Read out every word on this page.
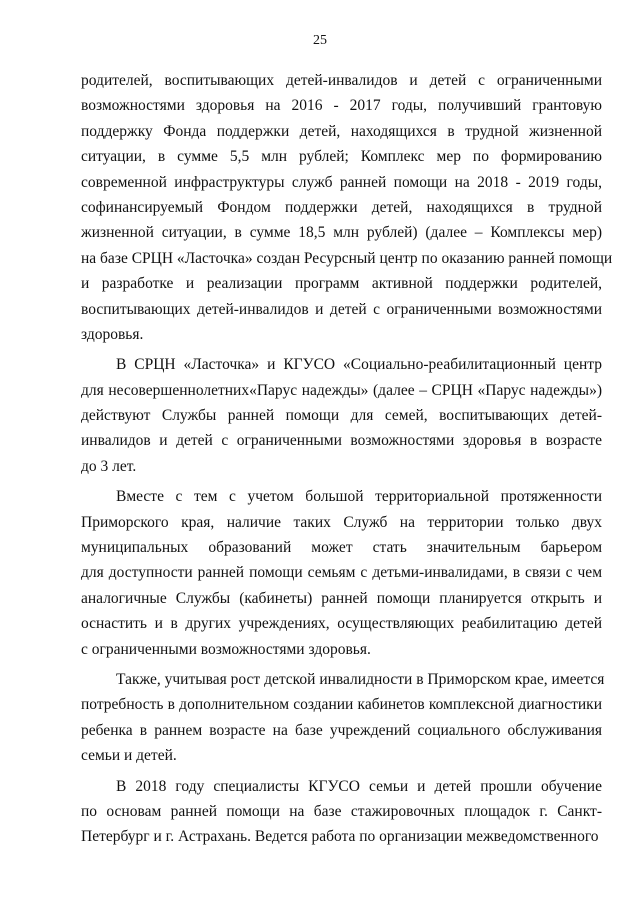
25
родителей, воспитывающих детей-инвалидов и детей с ограниченными
возможностями здоровья на 2016 - 2017 годы, получивший грантовую
поддержку Фонда поддержки детей, находящихся в трудной жизненной
ситуации, в сумме 5,5 млн рублей; Комплекс мер по формированию
современной инфраструктуры служб ранней помощи на 2018 - 2019 годы,
софинансируемый Фондом поддержки детей, находящихся в трудной
жизненной ситуации, в сумме 18,5 млн рублей) (далее – Комплексы мер)
на базе СРЦН «Ласточка» создан Ресурсный центр по оказанию ранней помощи
и разработке и реализации программ активной поддержки родителей,
воспитывающих детей-инвалидов и детей с ограниченными возможностями
здоровья.
В СРЦН «Ласточка» и КГУСО «Социально-реабилитационный центр
для несовершеннолетних«Парус надежды» (далее – СРЦН «Парус надежды»)
действуют Службы ранней помощи для семей, воспитывающих детей-
инвалидов и детей с ограниченными возможностями здоровья в возрасте
до 3 лет.
Вместе с тем с учетом большой территориальной протяженности
Приморского края, наличие таких Служб на территории только двух
муниципальных образований может стать значительным барьером
для доступности ранней помощи семьям с детьми-инвалидами, в связи с чем
аналогичные Службы (кабинеты) ранней помощи планируется открыть и
оснастить и в других учреждениях, осуществляющих реабилитацию детей
с ограниченными возможностями здоровья.
Также, учитывая рост детской инвалидности в Приморском крае, имеется
потребность в дополнительном создании кабинетов комплексной диагностики
ребенка в раннем возрасте на базе учреждений социального обслуживания
семьи и детей.
В 2018 году специалисты КГУСО семьи и детей прошли обучение
по основам ранней помощи на базе стажировочных площадок г. Санкт-
Петербург и г. Астрахань. Ведется работа по организации межведомственного
